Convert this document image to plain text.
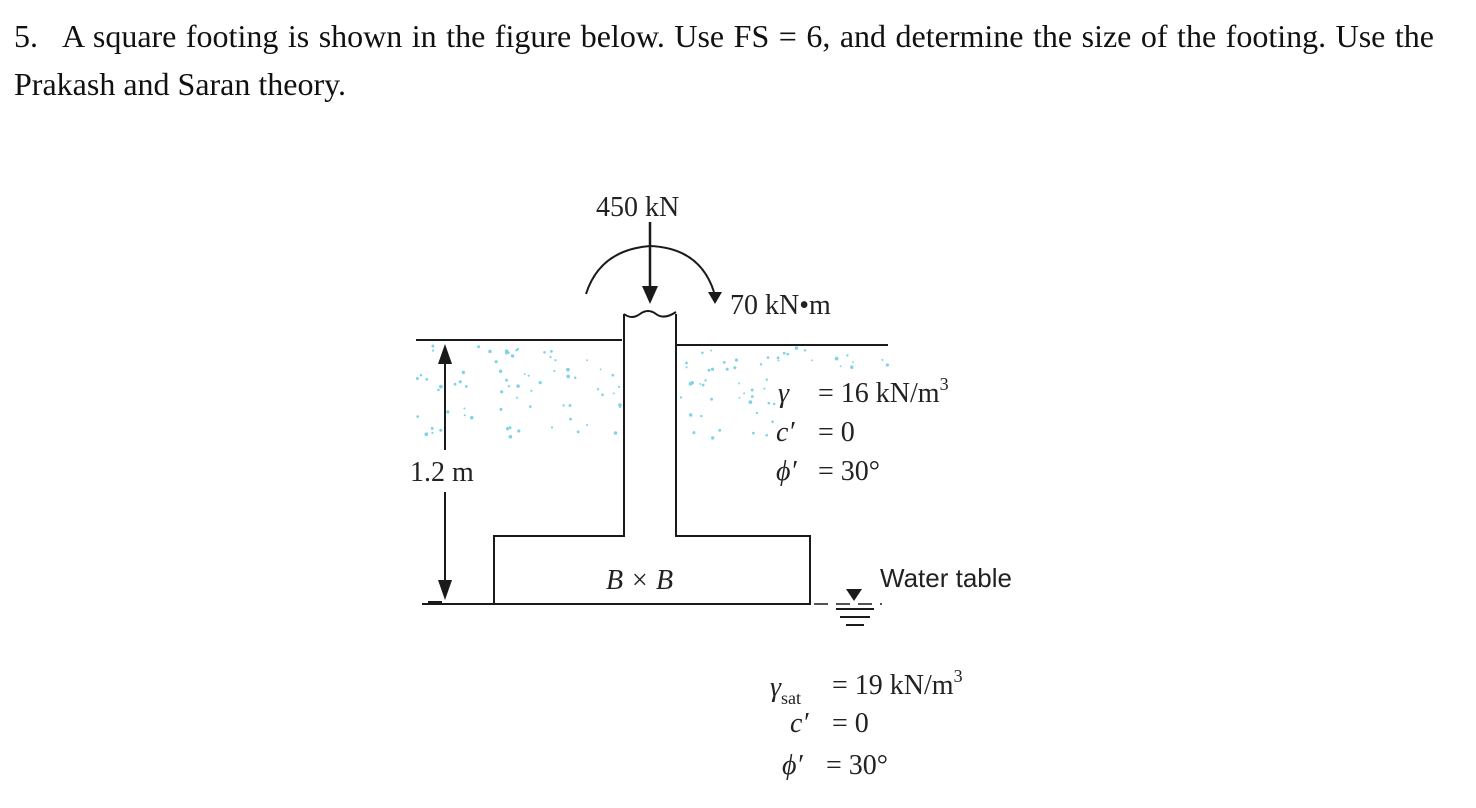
5. A square footing is shown in the figure below. Use FS = 6, and determine the size of the footing. Use the Prakash and Saran theory.

450 kN
70 kN•m
1.2 m
B × B	Water table
γ = 16 $kN/m^3$
c′ = 0
ϕ′ = 30°
$\gamma_{sat} = 19$ $kN/m^3$
c′ = 0
ϕ′ = 30°
